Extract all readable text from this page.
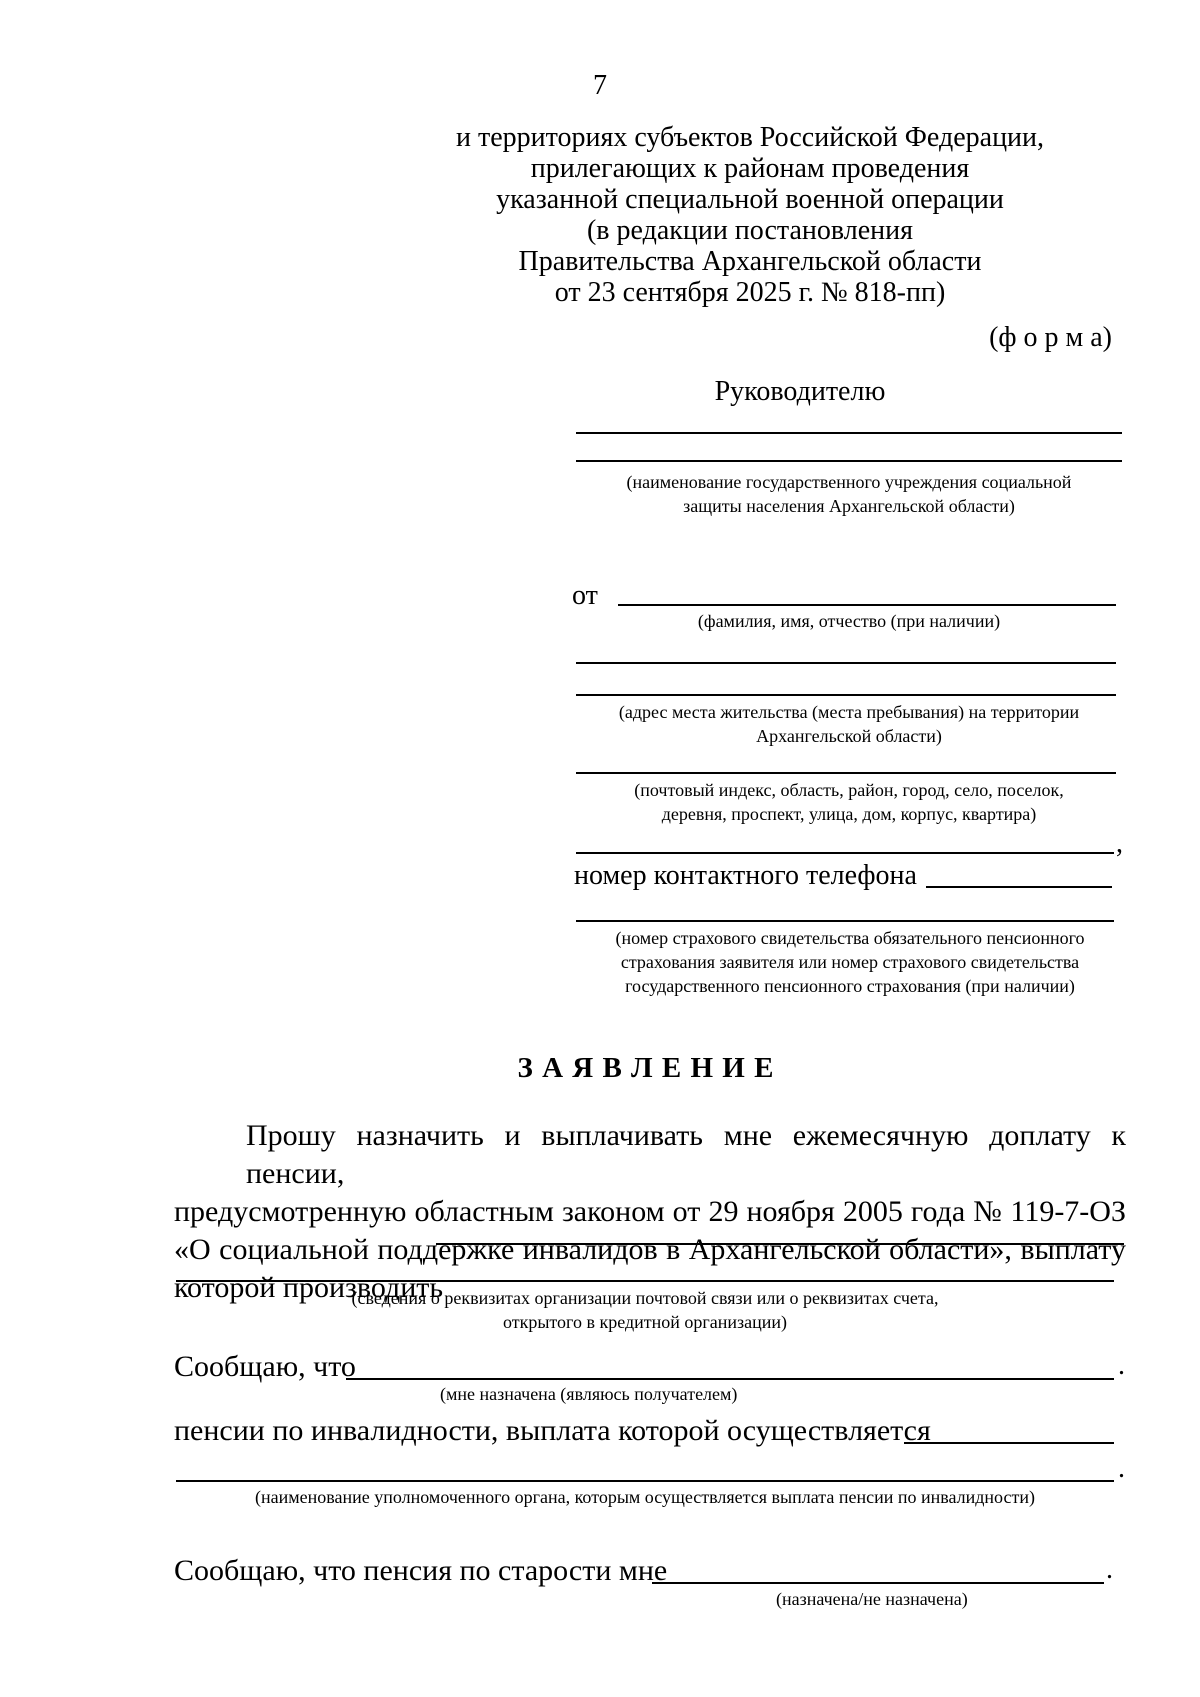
7
и территориях субъектов Российской Федерации,
прилегающих к районам проведения
указанной специальной военной операции
(в редакции постановления
Правительства Архангельской области
от 23 сентября 2025 г. № 818-пп)
(ф о р м а)
Руководителю
(наименование государственного учреждения социальной
защиты населения Архангельской области)
от
(фамилия, имя, отчество (при наличии)
(адрес места жительства (места пребывания) на территории
Архангельской области)
(почтовый индекс, область, район, город, село, поселок,
деревня, проспект, улица, дом, корпус, квартира)
,
номер контактного телефона
(номер страхового свидетельства обязательного пенсионного
страхования заявителя или номер страхового свидетельства
государственного пенсионного страхования (при наличии)
З А Я В Л Е Н И Е
Прошу назначить и выплачивать мне ежемесячную доплату к пенсии,
предусмотренную областным законом от 29 ноября 2005 года № 119-7-ОЗ
«О социальной поддержке инвалидов в Архангельской области», выплату
которой производить
(сведения о реквизитах организации почтовой связи или о реквизитах счета,
открытого в кредитной организации)
Сообщаю, что	.
(мне назначена (являюсь получателем)
пенсии по инвалидности, выплата которой осуществляется
.
(наименование уполномоченного органа, которым осуществляется выплата пенсии по инвалидности)
Сообщаю, что пенсия по старости мне	.
(назначена/не назначена)
